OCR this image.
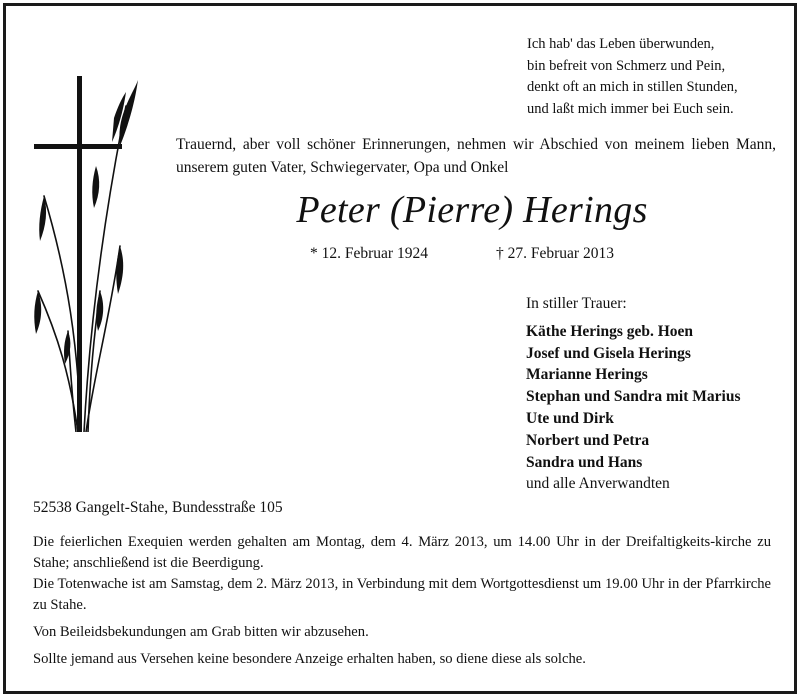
Ich hab' das Leben überwunden,
bin befreit von Schmerz und Pein,
denkt oft an mich in stillen Stunden,
und laßt mich immer bei Euch sein.
Trauernd, aber voll schöner Erinnerungen, nehmen wir Abschied von meinem lieben Mann, unserem guten Vater, Schwiegervater, Opa und Onkel
Peter (Pierre) Herings
* 12. Februar 1924	† 27. Februar 2013
In stiller Trauer:
Käthe Herings geb. Hoen
Josef und Gisela Herings
Marianne Herings
Stephan und Sandra mit Marius
Ute und Dirk
Norbert und Petra
Sandra und Hans
und alle Anverwandten
52538 Gangelt-Stahe, Bundesstraße 105
Die feierlichen Exequien werden gehalten am Montag, dem 4. März 2013, um 14.00 Uhr in der Dreifaltigkeits-kirche zu Stahe; anschließend ist die Beerdigung.
Die Totenwache ist am Samstag, dem 2. März 2013, in Verbindung mit dem Wortgottesdienst um 19.00 Uhr in der Pfarrkirche zu Stahe.
Von Beileidsbekundungen am Grab bitten wir abzusehen.
Sollte jemand aus Versehen keine besondere Anzeige erhalten haben, so diene diese als solche.
